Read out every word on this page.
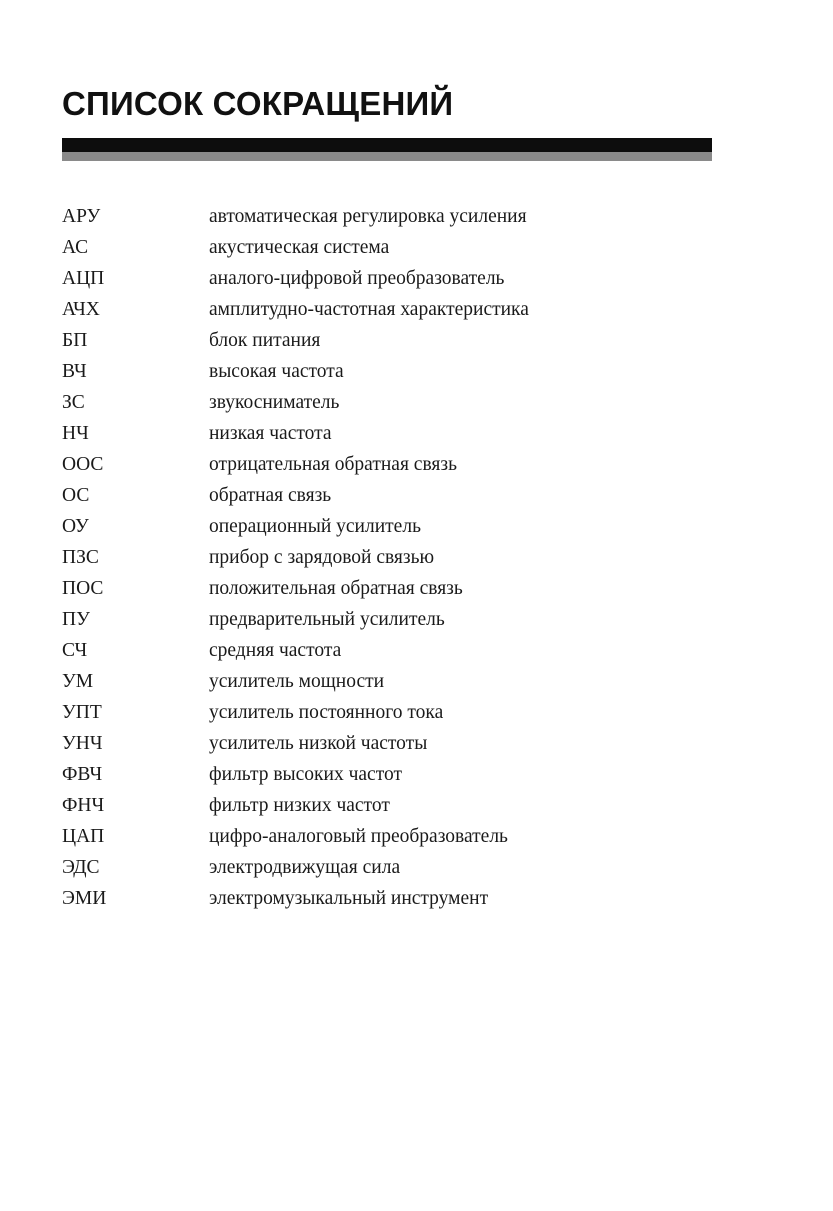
СПИСОК СОКРАЩЕНИЙ
АРУ	автоматическая регулировка усиления
АС	акустическая система
АЦП	аналого-цифровой преобразователь
АЧХ	амплитудно-частотная характеристика
БП	блок питания
ВЧ	высокая частота
ЗС	звукосниматель
НЧ	низкая частота
ООС	отрицательная обратная связь
ОС	обратная связь
ОУ	операционный усилитель
ПЗС	прибор с зарядовой связью
ПОС	положительная обратная связь
ПУ	предварительный усилитель
СЧ	средняя частота
УМ	усилитель мощности
УПТ	усилитель постоянного тока
УНЧ	усилитель низкой частоты
ФВЧ	фильтр высоких частот
ФНЧ	фильтр низких частот
ЦАП	цифро-аналоговый преобразователь
ЭДС	электродвижущая сила
ЭМИ	электромузыкальный инструмент
